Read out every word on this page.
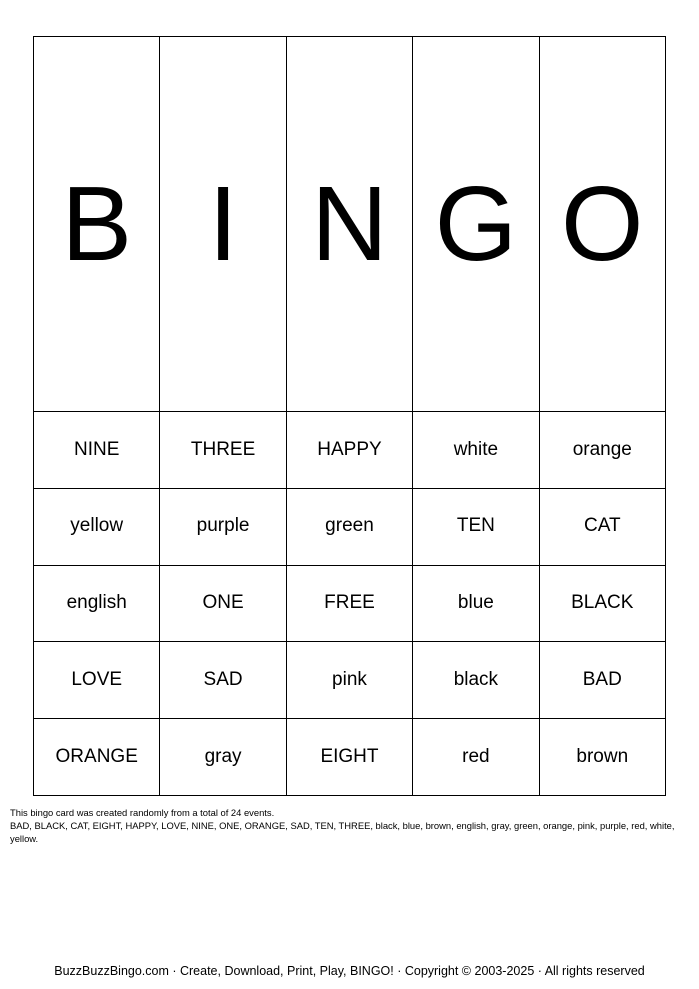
B	I	N	G	O
NINE	THREE	HAPPY	white	orange
yellow	purple	green	TEN	CAT
english	ONE	FREE	blue	BLACK
LOVE	SAD	pink	black	BAD
ORANGE	gray	EIGHT	red	brown
This bingo card was created randomly from a total of 24 events.
BAD, BLACK, CAT, EIGHT, HAPPY, LOVE, NINE, ONE, ORANGE, SAD, TEN, THREE, black, blue, brown, english, gray, green, orange, pink, purple, red, white, yellow.
BuzzBuzzBingo.com · Create, Download, Print, Play, BINGO! · Copyright © 2003-2025 · All rights reserved
